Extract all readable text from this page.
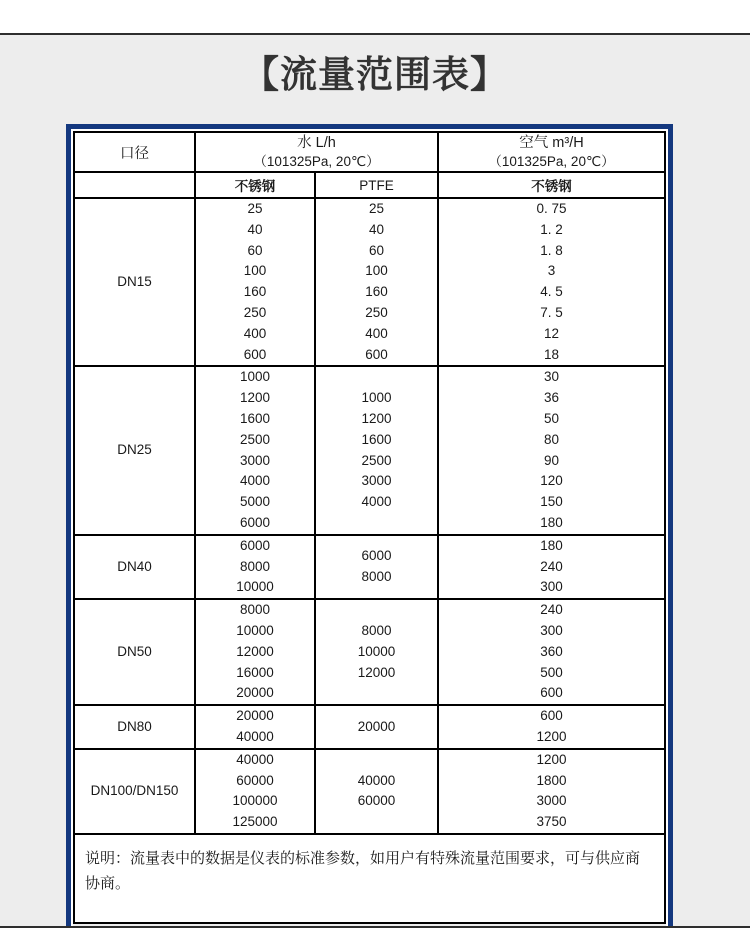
【流量范围表】
口径
水 L/h
（101325Pa, 20℃）
空气 m³/H
（101325Pa, 20℃）
不锈钢	PTFE	不锈钢
DN15
25
40
60
100
160
250
400
600
25
40
60
100
160
250
400
600
0. 75
1. 2
1. 8
3
4. 5
7. 5
12
18
DN25
1000
1200
1600
2500
3000
4000
5000
6000
1000
1200
1600
2500
3000
4000
30
36
50
80
90
120
150
180
DN40
6000
8000
10000
6000
8000
180
240
300
DN50
8000
10000
12000
16000
20000
8000
10000
12000
240
300
360
500
600
DN80
20000
40000
20000
600
1200
DN100/DN150
40000
60000
100000
125000
40000
60000
1200
1800
3000
3750
说明：流量表中的数据是仪表的标准参数，如用户有特殊流量范围要求，可与供应商协商。
